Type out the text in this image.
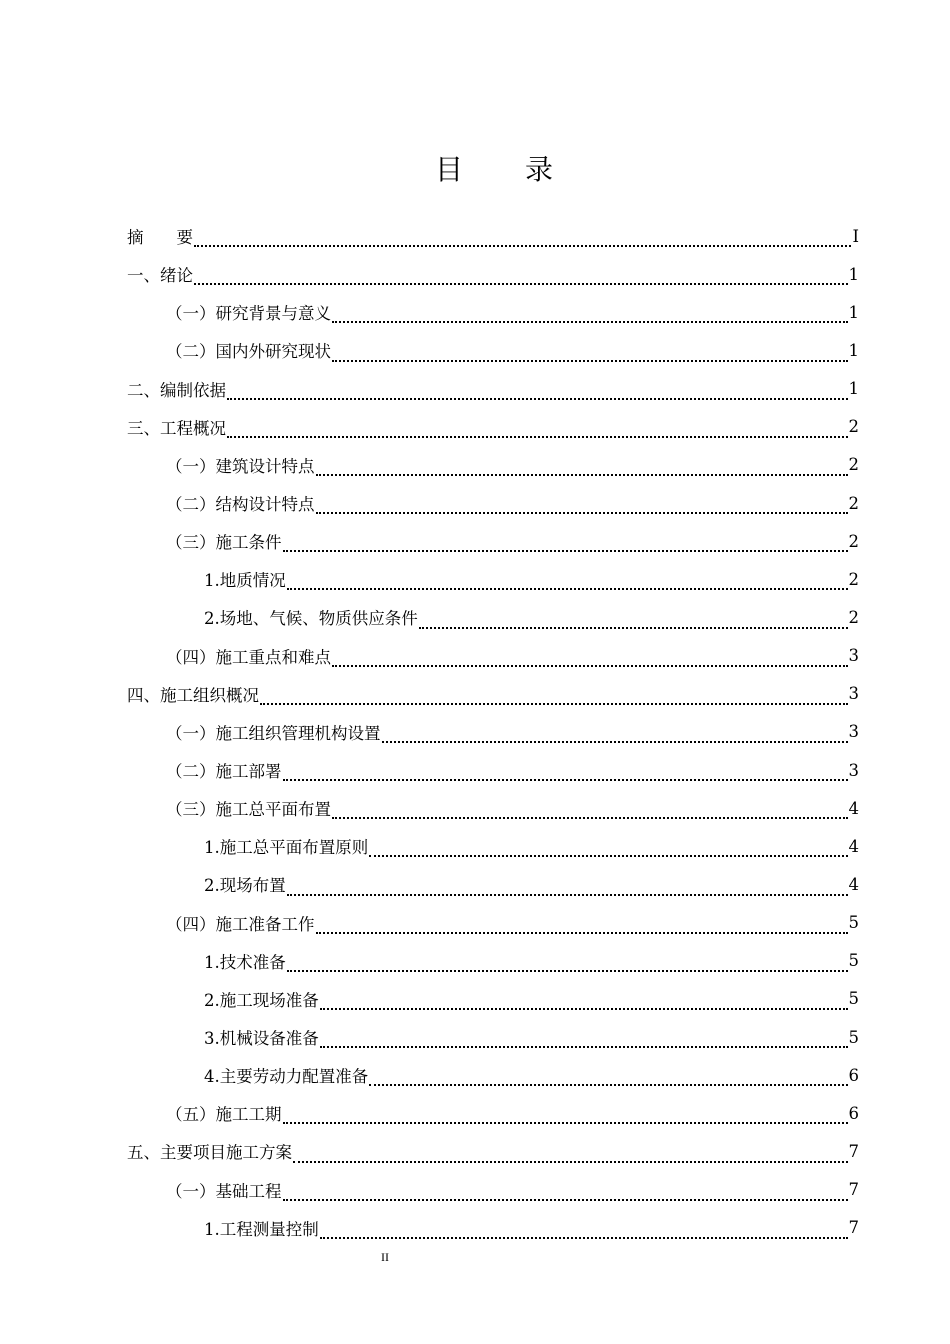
目　　录
摘　　要	I
一、绪论	1
（一）研究背景与意义	1
（二）国内外研究现状	1
二、编制依据	1
三、工程概况	2
（一）建筑设计特点	2
（二）结构设计特点	2
（三）施工条件	2
1.地质情况	2
2.场地、气候、物质供应条件	2
（四）施工重点和难点	3
四、施工组织概况	3
（一）施工组织管理机构设置	3
（二）施工部署	3
（三）施工总平面布置	4
1.施工总平面布置原则	4
2.现场布置	4
（四）施工准备工作	5
1.技术准备	5
2.施工现场准备	5
3.机械设备准备	5
4.主要劳动力配置准备	6
（五）施工工期	6
五、主要项目施工方案	7
（一）基础工程	7
1.工程测量控制	7
II
